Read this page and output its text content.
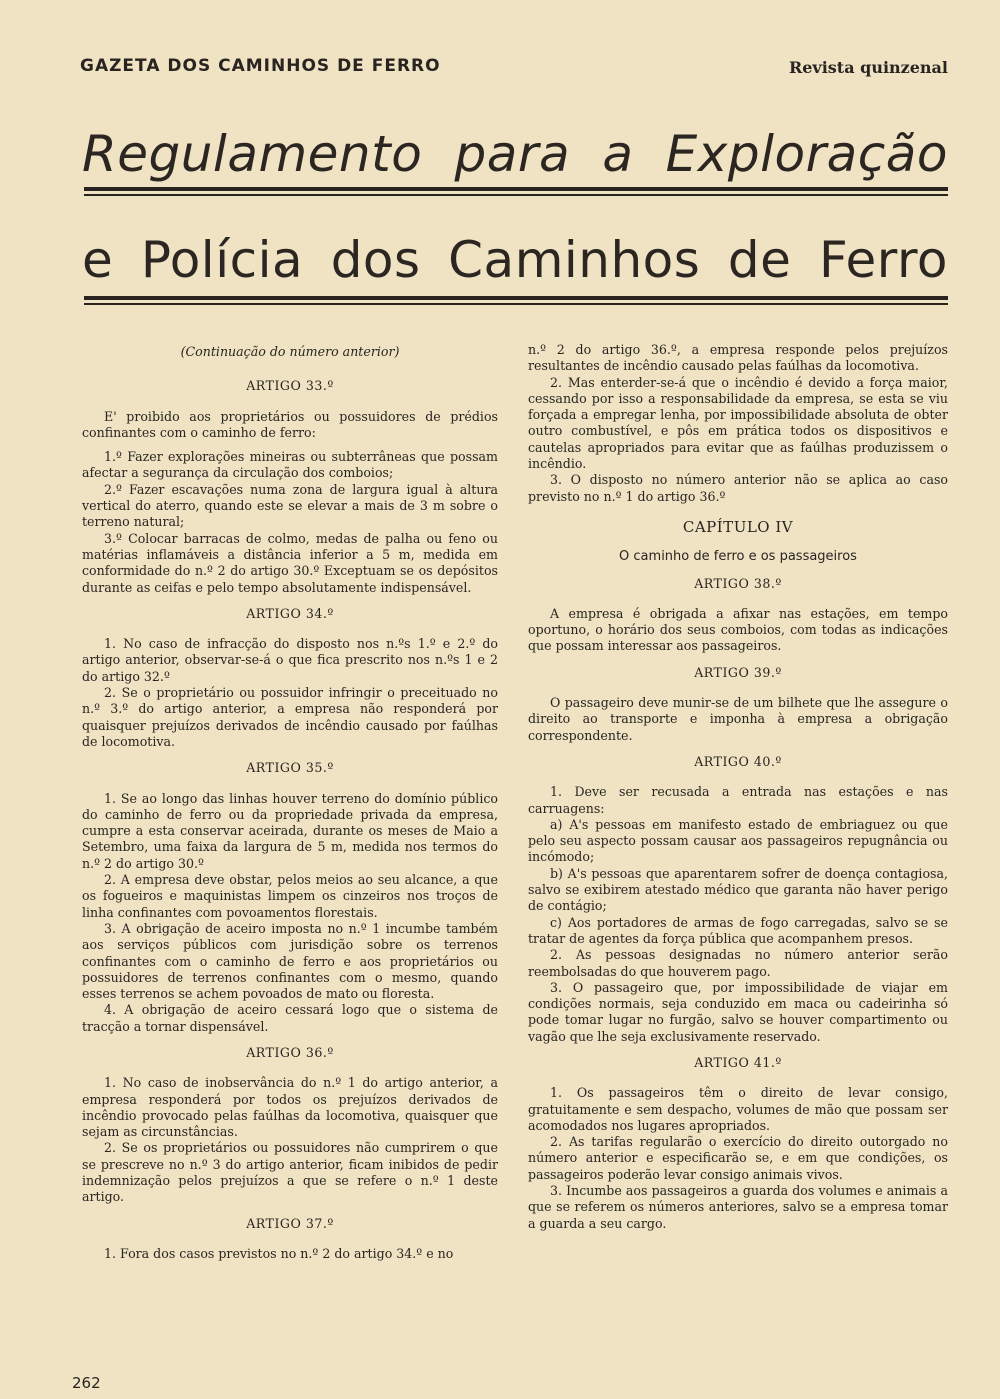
GAZETA DOS CAMINHOS DE FERRO	Revista quinzenal
Regulamento para a Exploração
e Polícia dos Caminhos de Ferro

(Continuação do número anterior)

ARTIGO 33.º

E' proibido aos proprietários ou possuidores de prédios confinantes com o caminho de ferro:

1.º Fazer explorações mineiras ou subterrâneas que possam afectar a segurança da circulação dos comboios;

2.º Fazer escavações numa zona de largura igual à altura vertical do aterro, quando este se elevar a mais de 3 m sobre o terreno natural;

3.º Colocar barracas de colmo, medas de palha ou feno ou matérias inflamáveis a distância inferior a 5 m, medida em conformidade do n.º 2 do artigo 30.º Exceptuam se os depósitos durante as ceifas e pelo tempo absolutamente indispensável.

ARTIGO 34.º

1. No caso de infracção do disposto nos n.ºs 1.º e 2.º do artigo anterior, observar-se-á o que fica prescrito nos n.ºs 1 e 2 do artigo 32.º

2. Se o proprietário ou possuidor infringir o preceituado no n.º 3.º do artigo anterior, a empresa não responderá por quaisquer prejuízos derivados de incêndio causado por faúlhas de locomotiva.

ARTIGO 35.º

1. Se ao longo das linhas houver terreno do domínio público do caminho de ferro ou da propriedade privada da empresa, cumpre a esta conservar aceirada, durante os meses de Maio a Setembro, uma faixa da largura de 5 m, medida nos termos do n.º 2 do artigo 30.º

2. A empresa deve obstar, pelos meios ao seu alcance, a que os fogueiros e maquinistas limpem os cinzeiros nos troços de linha confinantes com povoamentos florestais.

3. A obrigação de aceiro imposta no n.º 1 incumbe também aos serviços públicos com jurisdição sobre os terrenos confinantes com o caminho de ferro e aos proprietários ou possuidores de terrenos confinantes com o mesmo, quando esses terrenos se achem povoados de mato ou floresta.

4. A obrigação de aceiro cessará logo que o sistema de tracção a tornar dispensável.

ARTIGO 36.º

1. No caso de inobservância do n.º 1 do artigo anterior, a empresa responderá por todos os prejuízos derivados de incêndio provocado pelas faúlhas da locomotiva, quaisquer que sejam as circunstâncias.

2. Se os proprietários ou possuidores não cumprirem o que se prescreve no n.º 3 do artigo anterior, ficam inibidos de pedir indemnização pelos prejuízos a que se refere o n.º 1 deste artigo.

ARTIGO 37.º

1. Fora dos casos previstos no n.º 2 do artigo 34.º e no

n.º 2 do artigo 36.º, a empresa responde pelos prejuízos resultantes de incêndio causado pelas faúlhas da locomotiva.

2. Mas enterder-se-á que o incêndio é devido a força maior, cessando por isso a responsabilidade da empresa, se esta se viu forçada a empregar lenha, por impossibilidade absoluta de obter outro combustível, e pôs em prática todos os dispositivos e cautelas apropriados para evitar que as faúlhas produzissem o incêndio.

3. O disposto no número anterior não se aplica ao caso previsto no n.º 1 do artigo 36.º

CAPÍTULO IV

O caminho de ferro e os passageiros

ARTIGO 38.º

A empresa é obrigada a afixar nas estações, em tempo oportuno, o horário dos seus comboios, com todas as indicações que possam interessar aos passageiros.

ARTIGO 39.º

O passageiro deve munir-se de um bilhete que lhe assegure o direito ao transporte e imponha à empresa a obrigação correspondente.

ARTIGO 40.º

1. Deve ser recusada a entrada nas estações e nas carruagens:

a) A's pessoas em manifesto estado de embriaguez ou que pelo seu aspecto possam causar aos passageiros repugnância ou incómodo;

b) A's pessoas que aparentarem sofrer de doença contagiosa, salvo se exibirem atestado médico que garanta não haver perigo de contágio;

c) Aos portadores de armas de fogo carregadas, salvo se se tratar de agentes da força pública que acompanhem presos.

2. As pessoas designadas no número anterior serão reembolsadas do que houverem pago.

3. O passageiro que, por impossibilidade de viajar em condições normais, seja conduzido em maca ou cadeirinha só pode tomar lugar no furgão, salvo se houver compartimento ou vagão que lhe seja exclusivamente reservado.

ARTIGO 41.º

1. Os passageiros têm o direito de levar consigo, gratuitamente e sem despacho, volumes de mão que possam ser acomodados nos lugares apropriados.

2. As tarifas regularão o exercício do direito outorgado no número anterior e especificarão se, e em que condições, os passageiros poderão levar consigo animais vivos.

3. Incumbe aos passageiros a guarda dos volumes e animais a que se referem os números anteriores, salvo se a empresa tomar a guarda a seu cargo.

262
